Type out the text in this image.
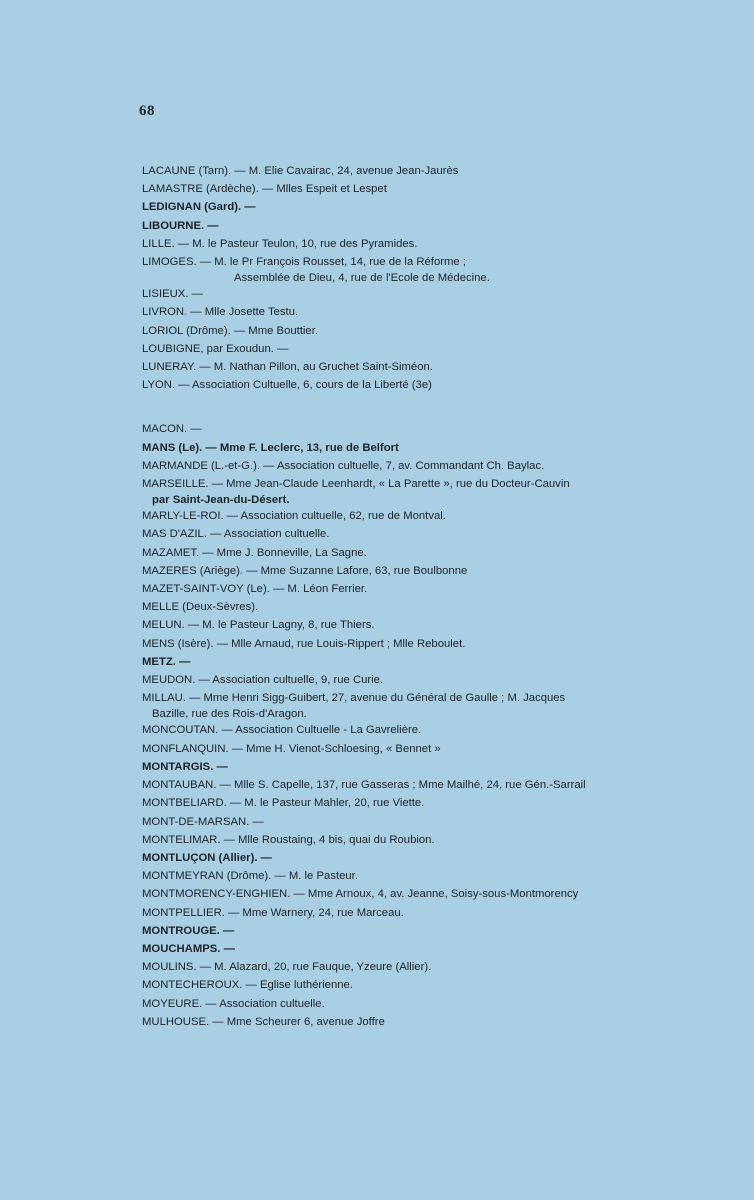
68
LACAUNE (Tarn). — M. Elie Cavairac, 24, avenue Jean-Jaurès
LAMASTRE (Ardèche). — Mlles Espeit et Lespet
LEDIGNAN (Gard). —
LIBOURNE. —
LILLE. — M. le Pasteur Teulon, 10, rue des Pyramides.
LIMOGES. — M. le Pr François Rousset, 14, rue de la Réforme ;
Assemblée de Dieu, 4, rue de l'Ecole de Médecine.
LISIEUX. —
LIVRON. — Mlle Josette Testu.
LORIOL (Drôme). — Mme Bouttier.
LOUBIGNE, par Exoudun. —
LUNERAY. — M. Nathan Pillon, au Gruchet Saint-Siméon.
LYON. — Association Cultuelle, 6, cours de la Liberté (3e)
MACON. —
MANS (Le). — Mme F. Leclerc, 13, rue de Belfort
MARMANDE (L.-et-G.). — Association cultuelle, 7, av. Commandant Ch. Baylac.
MARSEILLE. — Mme Jean-Claude Leenhardt, « La Parette », rue du Docteur-Cauvin
par Saint-Jean-du-Désert.
MARLY-LE-ROI. — Association cultuelle, 62, rue de Montval.
MAS D'AZIL. — Association cultuelle.
MAZAMET. — Mme J. Bonneville, La Sagne.
MAZERES (Ariège). — Mme Suzanne Lafore, 63, rue Boulbonne
MAZET-SAINT-VOY (Le). — M. Léon Ferrier.
MELLE (Deux-Sèvres).
MELUN. — M. le Pasteur Lagny, 8, rue Thiers.
MENS (Isère). — Mlle Arnaud, rue Louis-Rippert ; Mlle Reboulet.
METZ. —
MEUDON. — Association cultuelle, 9, rue Curie.
MILLAU. — Mme Henri Sigg-Guibert, 27, avenue du Général de Gaulle ; M. Jacques
Bazille, rue des Rois-d'Aragon.
MONCOUTAN. — Association Cultuelle - La Gavrelière.
MONFLANQUIN. — Mme H. Vienot-Schloesing, « Bennet »
MONTARGIS. —
MONTAUBAN. — Mlle S. Capelle, 137, rue Gasseras ; Mme Mailhé, 24, rue Gén.-Sarrail
MONTBELIARD. — M. le Pasteur Mahler, 20, rue Viette.
MONT-DE-MARSAN. —
MONTELIMAR. — Mlle Roustaing, 4 bis, quai du Roubion.
MONTLUÇON (Allier). —
MONTMEYRAN (Drôme). — M. le Pasteur.
MONTMORENCY-ENGHIEN. — Mme Arnoux, 4, av. Jeanne, Soisy-sous-Montmorency
MONTPELLIER. — Mme Warnery, 24, rue Marceau.
MONTROUGE. —
MOUCHAMPS. —
MOULINS. — M. Alazard, 20, rue Fauque, Yzeure (Allier).
MONTECHEROUX. — Eglise luthérienne.
MOYEURE. — Association cultuelle.
MULHOUSE. — Mme Scheurer 6, avenue Joffre
